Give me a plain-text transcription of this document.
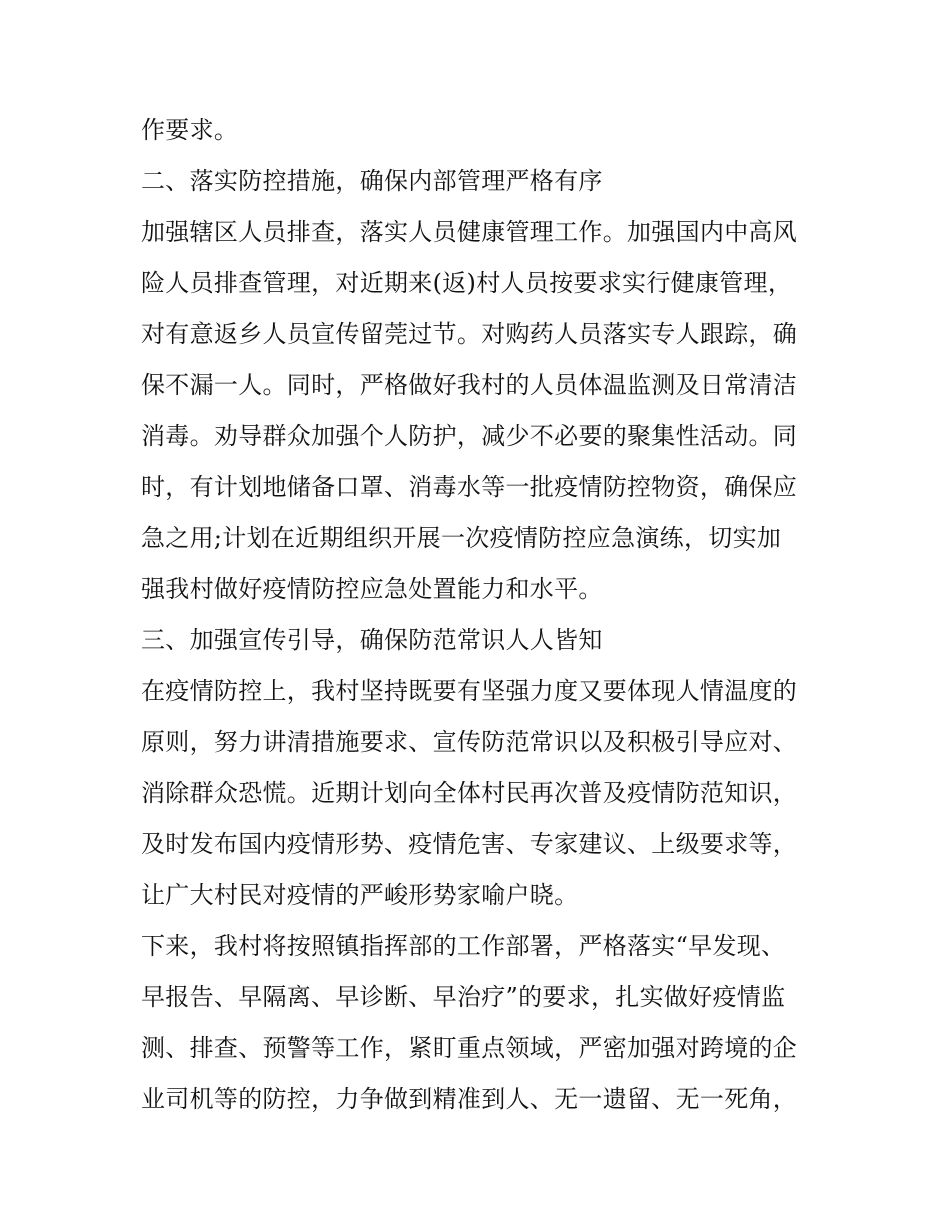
作要求。
二、落实防控措施，确保内部管理严格有序
加强辖区人员排查，落实人员健康管理工作。加强国内中高风
险人员排查管理，对近期来(返)村人员按要求实行健康管理，
对有意返乡人员宣传留莞过节。对购药人员落实专人跟踪，确
保不漏一人。同时，严格做好我村的人员体温监测及日常清洁
消毒。劝导群众加强个人防护，减少不必要的聚集性活动。同
时，有计划地储备口罩、消毒水等一批疫情防控物资，确保应
急之用;计划在近期组织开展一次疫情防控应急演练，切实加
强我村做好疫情防控应急处置能力和水平。
三、加强宣传引导，确保防范常识人人皆知
在疫情防控上，我村坚持既要有坚强力度又要体现人情温度的
原则，努力讲清措施要求、宣传防范常识以及积极引导应对、
消除群众恐慌。近期计划向全体村民再次普及疫情防范知识，
及时发布国内疫情形势、疫情危害、专家建议、上级要求等，
让广大村民对疫情的严峻形势家喻户晓。
下来，我村将按照镇指挥部的工作部署，严格落实“早发现、
早报告、早隔离、早诊断、早治疗”的要求，扎实做好疫情监
测、排查、预警等工作，紧盯重点领域，严密加强对跨境的企
业司机等的防控，力争做到精准到人、无一遗留、无一死角，
